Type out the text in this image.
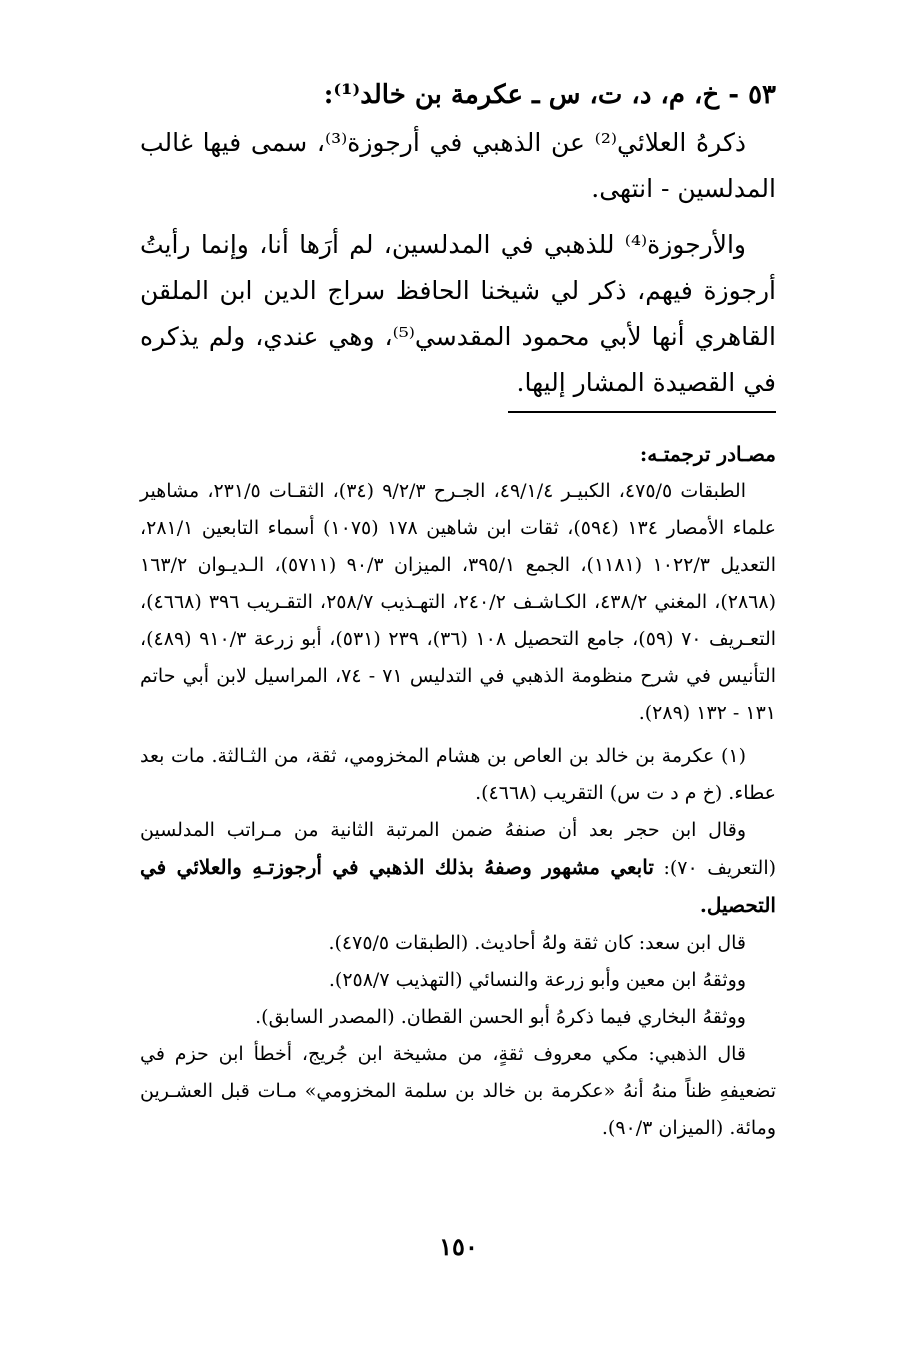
٥٣ - خ، م، د، ت، س ـ عكرمة بن خالد⁽¹⁾:

ذكرهُ العلائي⁽²⁾ عن الذهبي في أرجوزة⁽³⁾، سمى فيها غالب المدلسين - انتهى.

والأرجوزة⁽⁴⁾ للذهبي في المدلسين، لم أرَها أنا، وإنما رأيتُ أرجوزة فيهم، ذكر لي شيخنا الحافظ سراج الدين ابن الملقن القاهري أنها لأبي محمود المقدسي⁽⁵⁾، وهي عندي، ولم يذكره في القصيدة المشار إليها.

مصـادر ترجمتـه:

الطبقات ٤٧٥/٥، الكبيـر ٤٩/١/٤، الجـرح ٩/٢/٣ (٣٤)، الثقـات ٢٣١/٥، مشاهير علماء الأمصار ١٣٤ (٥٩٤)، ثقات ابن شاهين ١٧٨ (١٠٧٥) أسماء التابعين ٢٨١/١، التعديل ١٠٢٢/٣ (١١٨١)، الجمع ٣٩٥/١، الميزان ٩٠/٣ (٥٧١١)، الـديـوان ١٦٣/٢ (٢٨٦٨)، المغني ٤٣٨/٢، الكـاشـف ٢٤٠/٢، التهـذيب ٢٥٨/٧، التقـريب ٣٩٦ (٤٦٦٨)، التعـريف ٧٠ (٥٩)، جامع التحصيل ١٠٨ (٣٦)، ٢٣٩ (٥٣١)، أبو زرعة ٩١٠/٣ (٤٨٩)، التأنيس في شرح منظومة الذهبي في التدليس ٧١ - ٧٤، المراسيل لابن أبي حاتم ١٣١ - ١٣٢ (٢٨٩).

(١) عكرمة بن خالد بن العاص بن هشام المخزومي، ثقة، من الثـالثة. مات بعد عطاء. (خ م د ت س) التقريب (٤٦٦٨).

وقال ابن حجر بعد أن صنفهُ ضمن المرتبة الثانية من مـراتب المدلسين (التعريف ٧٠): تابعي مشهور وصفهُ بذلك الذهبي في أرجوزتـهِ والعلائي في التحصيل.

قال ابن سعد: كان ثقة ولهُ أحاديث. (الطبقات ٤٧٥/٥).

ووثقهُ ابن معين وأبو زرعة والنسائي (التهذيب ٢٥٨/٧).

ووثقهُ البخاري فيما ذكرهُ أبو الحسن القطان. (المصدر السابق).

قال الذهبي: مكي معروف ثقةٍ، من مشيخة ابن جُريج، أخطأ ابن حزم في تضعيفهِ ظناً منهُ أنهُ «عكرمة بن خالد بن سلمة المخزومي» مـات قبل العشـرين ومائة. (الميزان ٩٠/٣).

١٥٠
